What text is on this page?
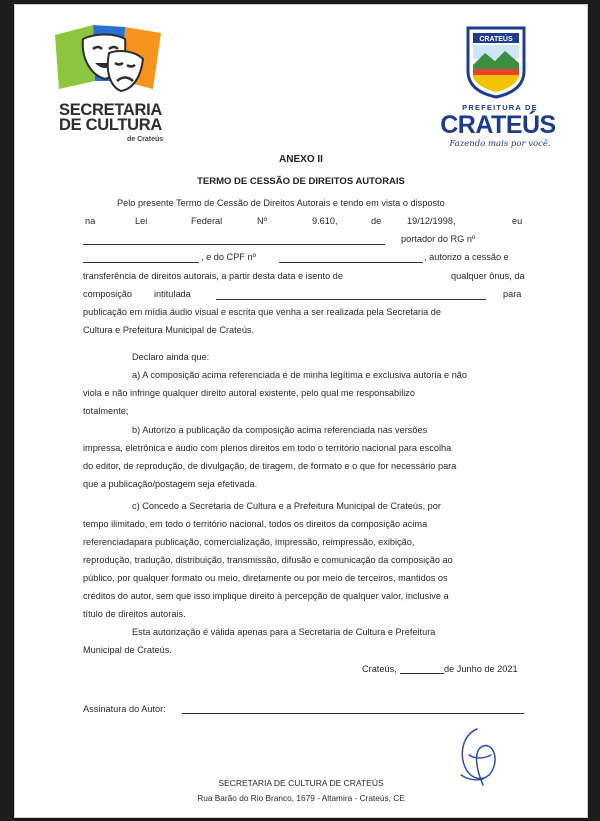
SECRETARIA
DE CULTURA
de Crateús
CRATEÚS
PREFEITURA DE
CRATEÚS
Fazendo mais por você.
ANEXO II
TERMO DE CESSÃO DE DIREITOS AUTORAIS
Pelo presente Termo de Cessão de Direitos Autorais e tendo em vista o disposto
na	Lei	Federal	Nº	9.610,	de	19/12/1998,	eu
portador do RG nº
, e do CPF nº	, autorizo a cessão e
transferência de direitos autorais, a partir desta data e isento de	qualquer ônus, da
composição intitulada	para
publicação em mídia áudio visual e escrita que venha a ser realizada pela Secretaria de
Cultura e Prefeitura Municipal de Crateús.
Declaro ainda que:
a) A composição acima referenciada é de minha legítima e exclusiva autoria e não
viola e não infringe qualquer direito autoral existente, pelo qual me responsabilizo
totalmente;
b) Autorizo a publicação da composição acima referenciada nas versões
impressa, eletrônica e áudio com plenos direitos em todo o território nacional para escolha
do editor, de reprodução, de divulgação, de tiragem, de formato e o que for necessário para
que a publicação/postagem seja efetivada.
c) Concedo a Secretaria de Cultura e a Prefeitura Municipal de Crateús, por
tempo ilimitado, em todo o território nacional, todos os direitos da composição acima
referenciadapara publicação, comercialização, impressão, reimpressão, exibição,
reprodução, tradução, distribuição, transmissão, difusão e comunicação da composição ao
público, por qualquer formato ou meio, diretamente ou por meio de terceiros, mantidos os
créditos do autor, sem que isso implique direito à percepção de qualquer valor, inclusive a
título de direitos autorais.
Esta autorização é válida apenas para a Secretaria de Cultura e Prefeitura
Municipal de Crateús.
Crateús,	de Junho de 2021
Assinatura do Autor:
SECRETARIA DE CULTURA DE CRATEÚS
Rua Barão do Rio Branco, 1679 - Altamira - Crateús, CE
